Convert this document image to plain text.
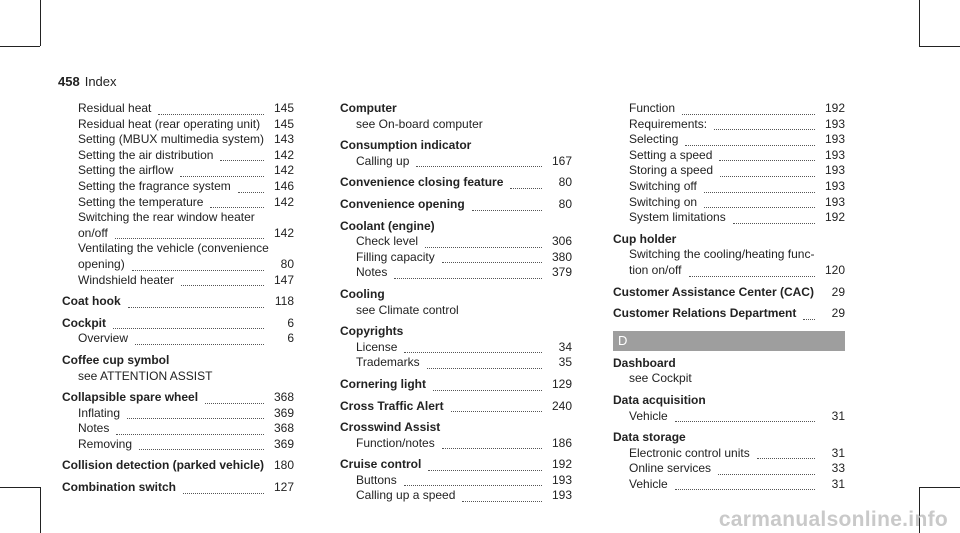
458 Index
Residual heat	145
Residual heat (rear operating unit) 145
Setting (MBUX multimedia system) 143
Setting the air distribution	142
Setting the airflow	142
Setting the fragrance system	146
Setting the temperature	142
Switching the rear window heater
on/off	142
Ventilating the vehicle (convenience
opening)	80
Windshield heater	147
Coat hook	118
Cockpit	6
Overview	6
Coffee cup symbol
see ATTENTION ASSIST
Collapsible spare wheel	368
Inflating	369
Notes	368
Removing	369
Collision detection (parked vehicle) 180
Combination switch	127
Computer
see On-board computer
Consumption indicator
Calling up	167
Convenience closing feature	80
Convenience opening	80
Coolant (engine)
Check level	306
Filling capacity	380
Notes	379
Cooling
see Climate control
Copyrights
License	34
Trademarks	35
Cornering light	129
Cross Traffic Alert	240
Crosswind Assist
Function/notes	186
Cruise control	192
Buttons	193
Calling up a speed	193
Function	192
Requirements:	193
Selecting	193
Setting a speed	193
Storing a speed	193
Switching off	193
Switching on	193
System limitations	192
Cup holder
Switching the cooling/heating func-
tion on/off	120
Customer Assistance Center (CAC) 29
Customer Relations Department	29
D
Dashboard
see Cockpit
Data acquisition
Vehicle	31
Data storage
Electronic control units	31
Online services	33
Vehicle	31
carmanualsonline.info
